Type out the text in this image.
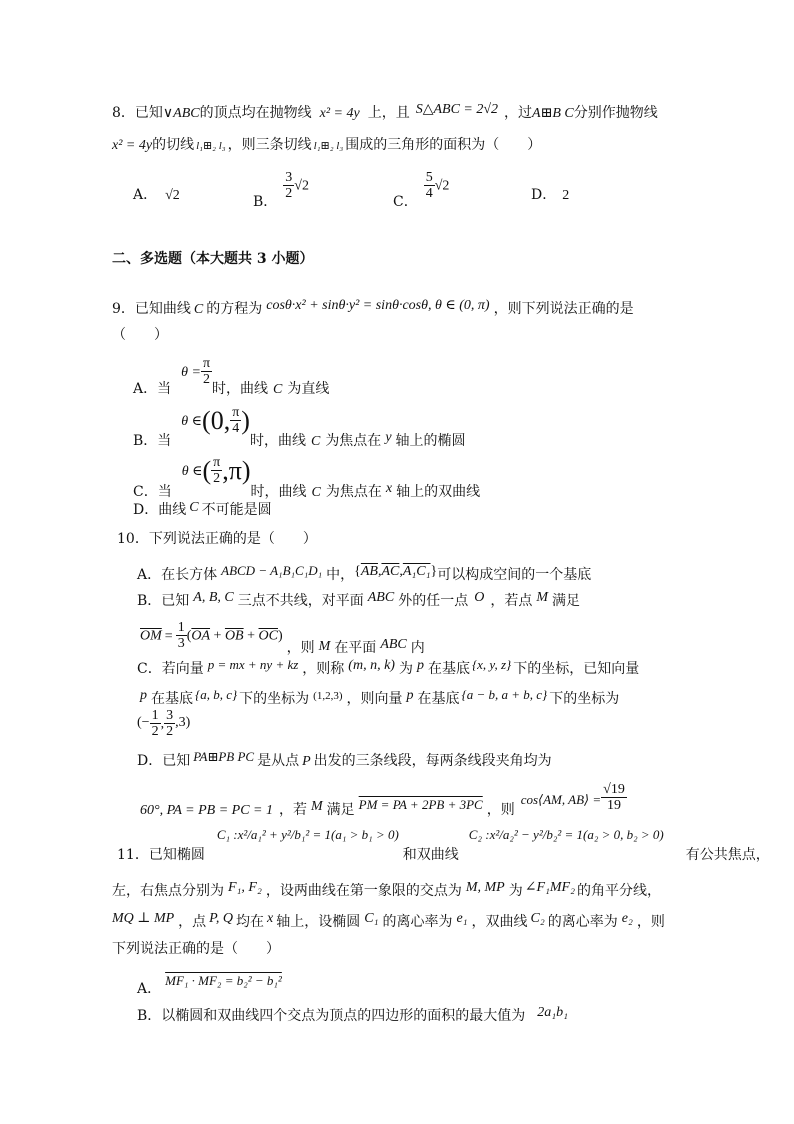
8．已知∨ABC的顶点均在抛物线 x² = 4y 上，且 S△ABC = 2√2 ，过A⊞B C分别作抛物线
x² = 4y的切线 l₁⊞₂ l₃ ，则三条切线 l₁⊞₂ l₃ 围成的三角形的面积为（　　）
A． √2	B．
$\frac{3}{2} √2$
C．
$\frac{5}{4} √2$
D． 2
二、多选题（本大题共 3 小题）
9．已知曲线 C 的方程为 cosθ·x² + sinθ·y² = sinθ·cosθ, θ ∈ (0, π) ，则下列说法正确的是
（　　）
A．当$\theta = \frac{\pi}{2}$
时，曲线 C 为直线
B．当θ ∈(0, $\frac{\pi}{4}$ )时，曲线 C 为焦点在 y 轴上的椭圆
C．当θ ∈( $\frac{\pi}{2} ,\pi$)时，曲线 C 为焦点在 x 轴上的双曲线
D．曲线 C 不可能是圆
10．下列说法正确的是（　　）
A．在长方体 ABCD − A₁B₁C₁D₁ 中，$\{\overline{AB},\overline{AC},A_1C_1\}$可以构成空间的一个基底
B．已知 A, B, C 三点不共线，对平面 ABC 外的任一点 O ，若点 M 满足
$\overline{OM} = \frac{1}{3} (\overline{OA} + \overline{OB} + \overline{OC})$，则 M 在平面 ABC 内
C．若向量 p = mx + ny + kz ，则称 (m, n, k) 为 p 在基底 {x, y, z} 下的坐标，已知向量
p 在基底 {a, b, c} 下的坐标为 $^{(1,2,3)}$ ，则向量 p 在基底 {a − b, a + b, c} 下的坐标为
(− $\frac{1}{2}$ , $\frac{3}{2} ,3$)
D．已知 PA⊞PB PC 是从点 P 出发的三条线段，每两条线段夹角均为
60°, PA = PB = PC = 1 ，若 M 满足 PM = PA + 2PB + 3PC ，则cos⟨AM, AB⟩ = $\frac{√19}{19}$
11．已知椭圆C₁ :x²/a₁² + y²/b₁² = 1(a₁ > b₁ > 0)和双曲线C₂ :x²/a₂² − y²/b₂² = 1(a₂ > 0, b₂ > 0)有公共焦点，
左，右焦点分别为 F₁, F₂ ，设两曲线在第一象限的交点为 M, MP 为 ∠F₁MF₂ 的角平分线，
MQ ⊥ MP ，点 P, Q 均在 x 轴上，设椭圆 C₁ 的离心率为 e₁ ，双曲线 C₂ 的离心率为 e₂ ，则
下列说法正确的是（　　）
A．MF₁ · MF₂ = b₂² − b₁²
B．以椭圆和双曲线四个交点为顶点的四边形的面积的最大值为 2a₁b₁
